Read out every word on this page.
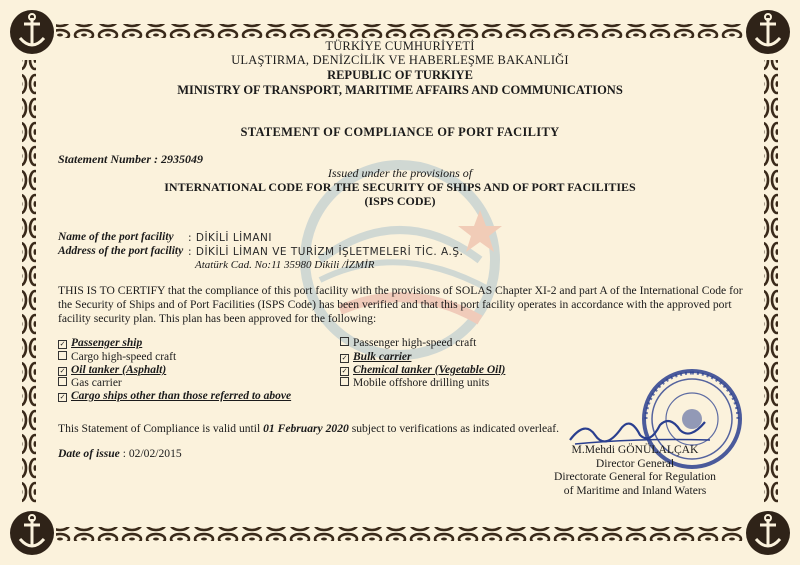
TÜRKİYE CUMHURİYETİ
ULAŞTIRMA, DENİZCİLİK VE HABERLEŞME BAKANLIĞI
REPUBLIC OF TURKIYE
MINISTRY OF TRANSPORT, MARITIME AFFAIRS AND COMMUNICATIONS
STATEMENT OF COMPLIANCE OF PORT FACILITY
Statement Number : 2935049
Issued under the provisions of
INTERNATIONAL CODE FOR THE SECURITY OF SHIPS AND OF PORT FACILITIES
(ISPS CODE)
Name of the port facility : DİKİLİ LİMANI
Address of the port facility : DİKİLİ LİMAN VE TURİZM İŞLETMELERİ TİC. A.Ş.
Atatürk Cad. No:11 35980 Dikili /İZMİR
THIS IS TO CERTIFY that the compliance of this port facility with the provisions of SOLAS Chapter XI-2 and part A of the International Code for the Security of Ships and of Port Facilities (ISPS Code) has been verified and that this port facility operates in accordance with the approved port facility security plan. This plan has been approved for the following:
✓ Passenger ship
Cargo high-speed craft
✓ Oil tanker (Asphalt)
Gas carrier
✓ Cargo ships other than those referred to above
Passenger high-speed craft
✓ Bulk carrier
✓ Chemical tanker (Vegetable Oil)
Mobile offshore drilling units
This Statement of Compliance is valid until 01 February 2020 subject to verifications as indicated overleaf.
Date of issue : 02/02/2015	M.Mehdi GÖNÜLALÇAK
Director General
Directorate General for Regulation
of Maritime and Inland Waters
